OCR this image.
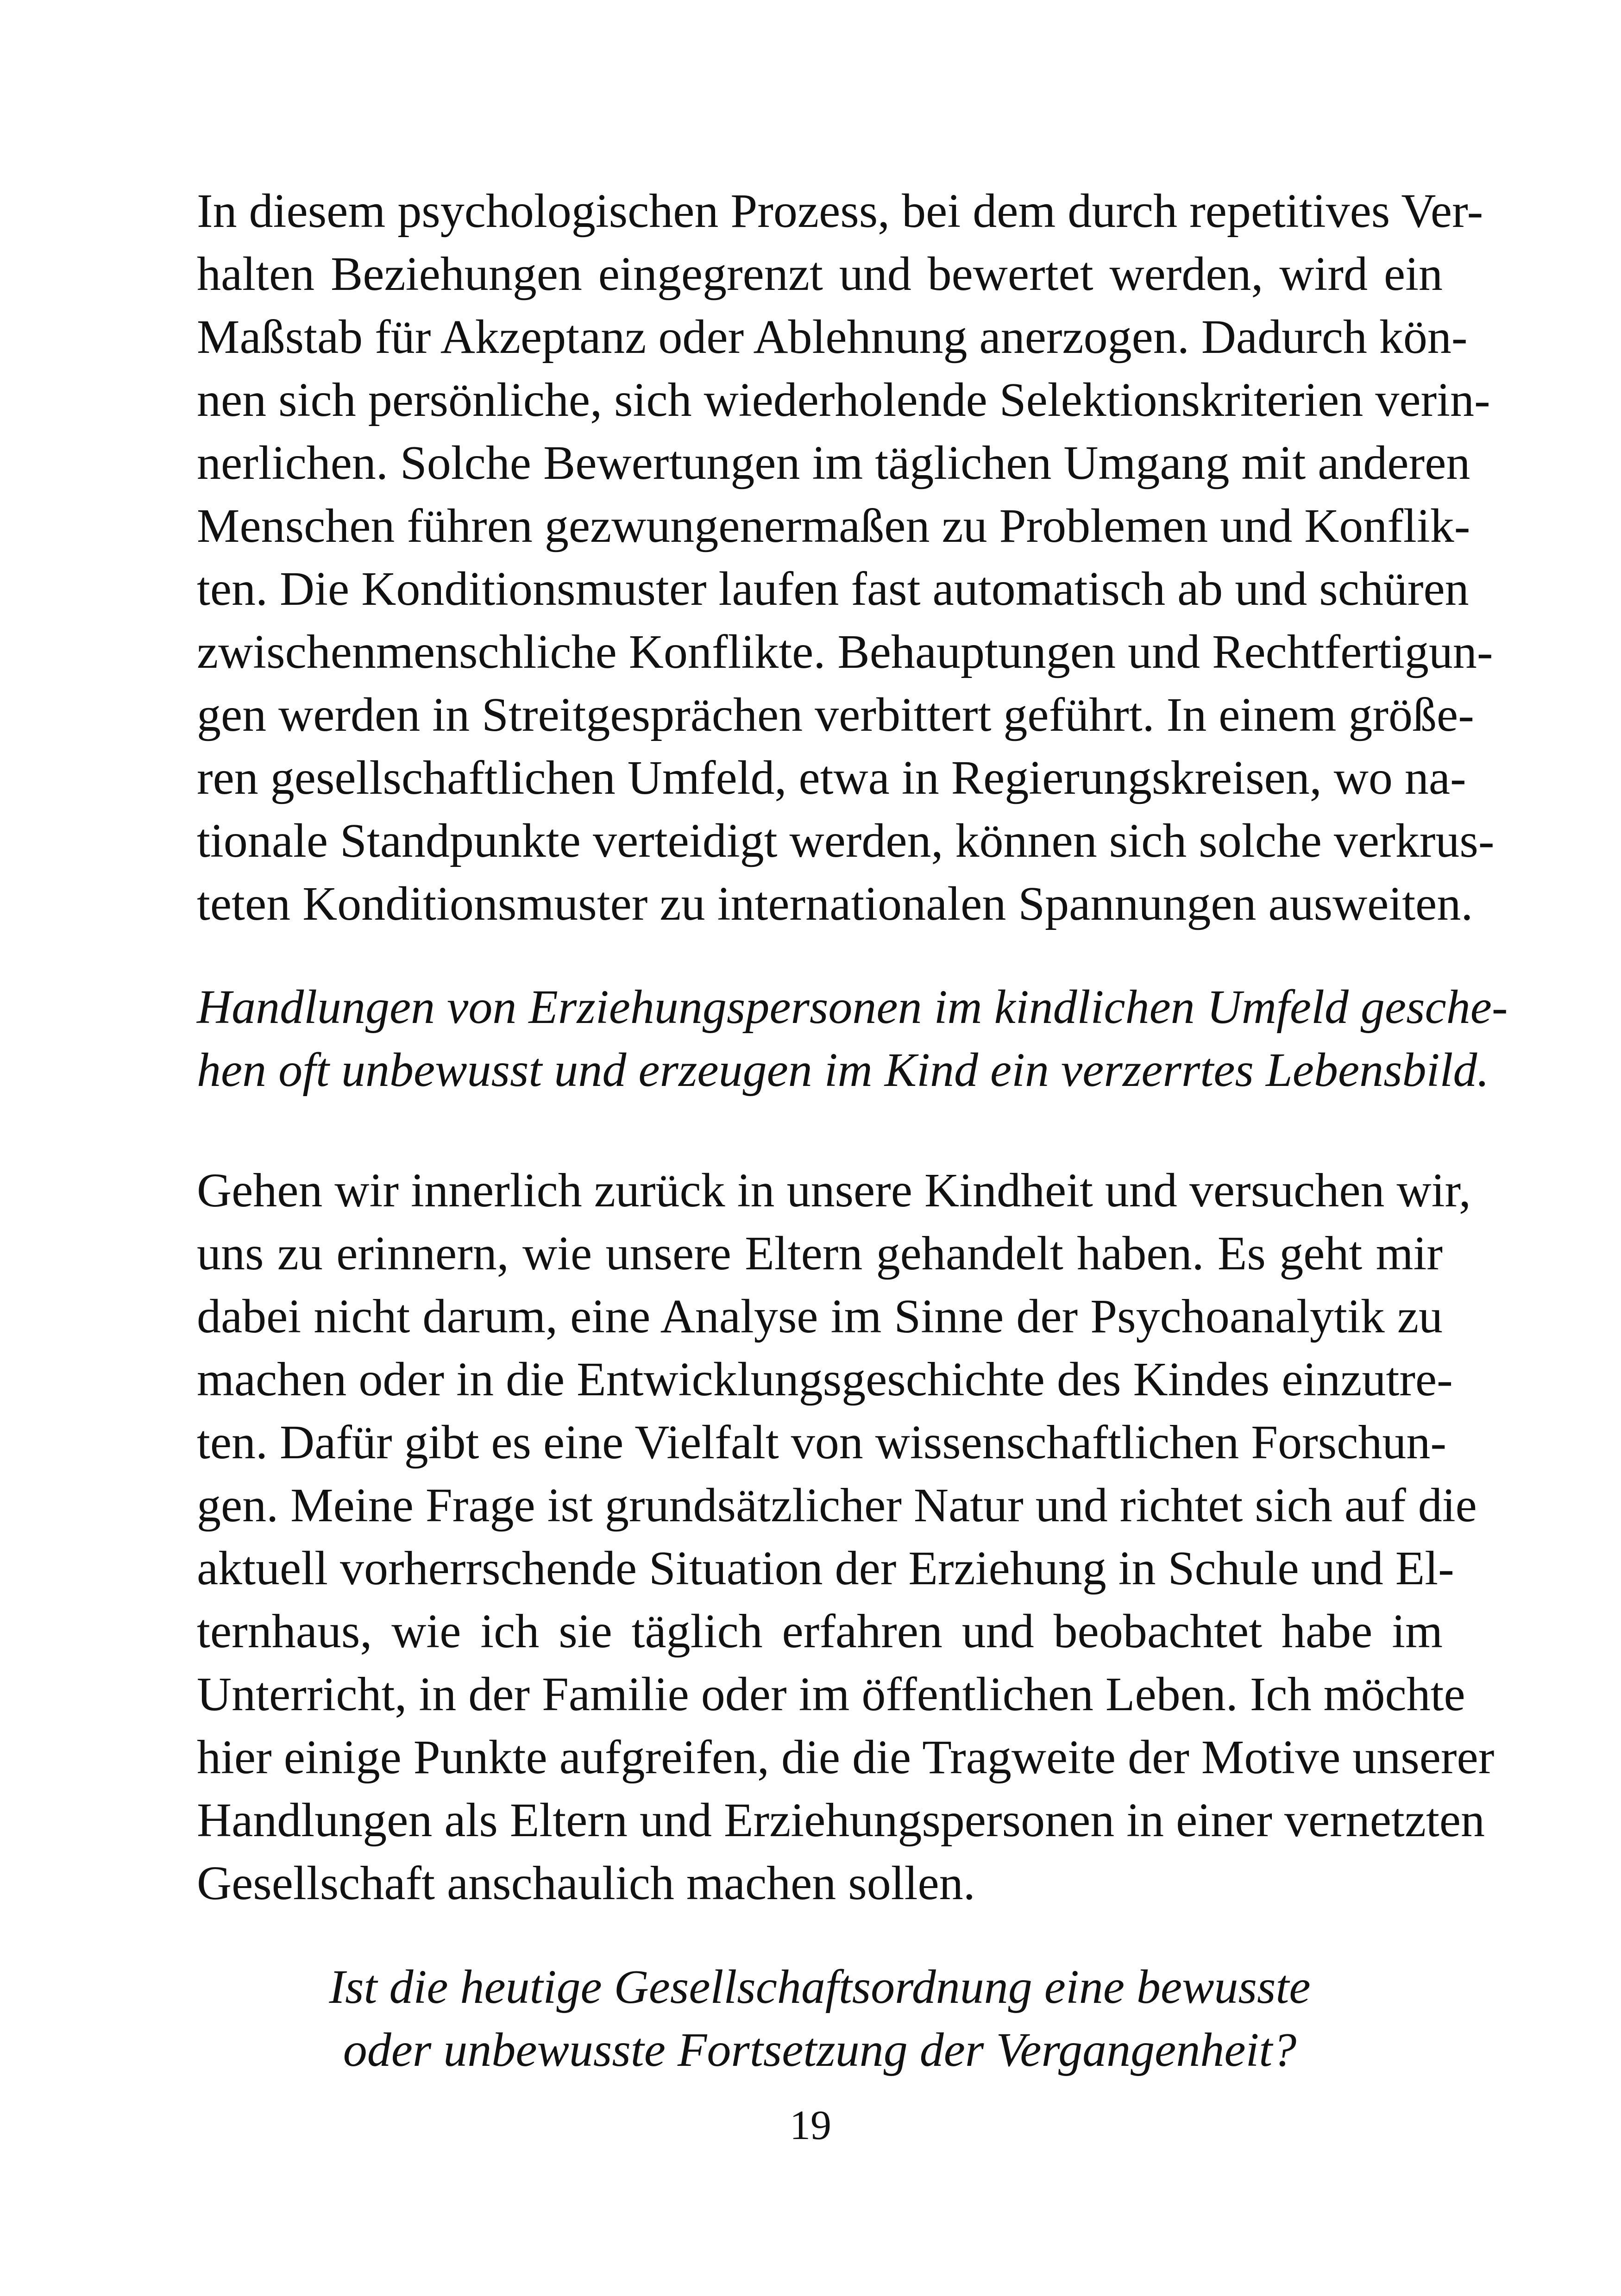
In diesem psychologischen Prozess, bei dem durch repetitives Ver-
halten Beziehungen eingegrenzt und bewertet werden, wird ein
Maßstab für Akzeptanz oder Ablehnung anerzogen. Dadurch kön-
nen sich persönliche, sich wiederholende Selektionskriterien verin-
nerlichen. Solche Bewertungen im täglichen Umgang mit anderen
Menschen führen gezwungenermaßen zu Problemen und Konflik-
ten. Die Konditionsmuster laufen fast automatisch ab und schüren
zwischenmenschliche Konflikte. Behauptungen und Rechtfertigun-
gen werden in Streitgesprächen verbittert geführt. In einem größe-
ren gesellschaftlichen Umfeld, etwa in Regierungskreisen, wo na-
tionale Standpunkte verteidigt werden, können sich solche verkrus-
teten Konditionsmuster zu internationalen Spannungen ausweiten.

Handlungen von Erziehungspersonen im kindlichen Umfeld gesche-
hen oft unbewusst und erzeugen im Kind ein verzerrtes Lebensbild.

Gehen wir innerlich zurück in unsere Kindheit und versuchen wir,
uns zu erinnern, wie unsere Eltern gehandelt haben. Es geht mir
dabei nicht darum, eine Analyse im Sinne der Psychoanalytik zu
machen oder in die Entwicklungsgeschichte des Kindes einzutre-
ten. Dafür gibt es eine Vielfalt von wissenschaftlichen Forschun-
gen. Meine Frage ist grundsätzlicher Natur und richtet sich auf die
aktuell vorherrschende Situation der Erziehung in Schule und El-
ternhaus, wie ich sie täglich erfahren und beobachtet habe im
Unterricht, in der Familie oder im öffentlichen Leben. Ich möchte
hier einige Punkte aufgreifen, die die Tragweite der Motive unserer
Handlungen als Eltern und Erziehungspersonen in einer vernetzten
Gesellschaft anschaulich machen sollen.

Ist die heutige Gesellschaftsordnung eine bewusste
oder unbewusste Fortsetzung der Vergangenheit?

19
